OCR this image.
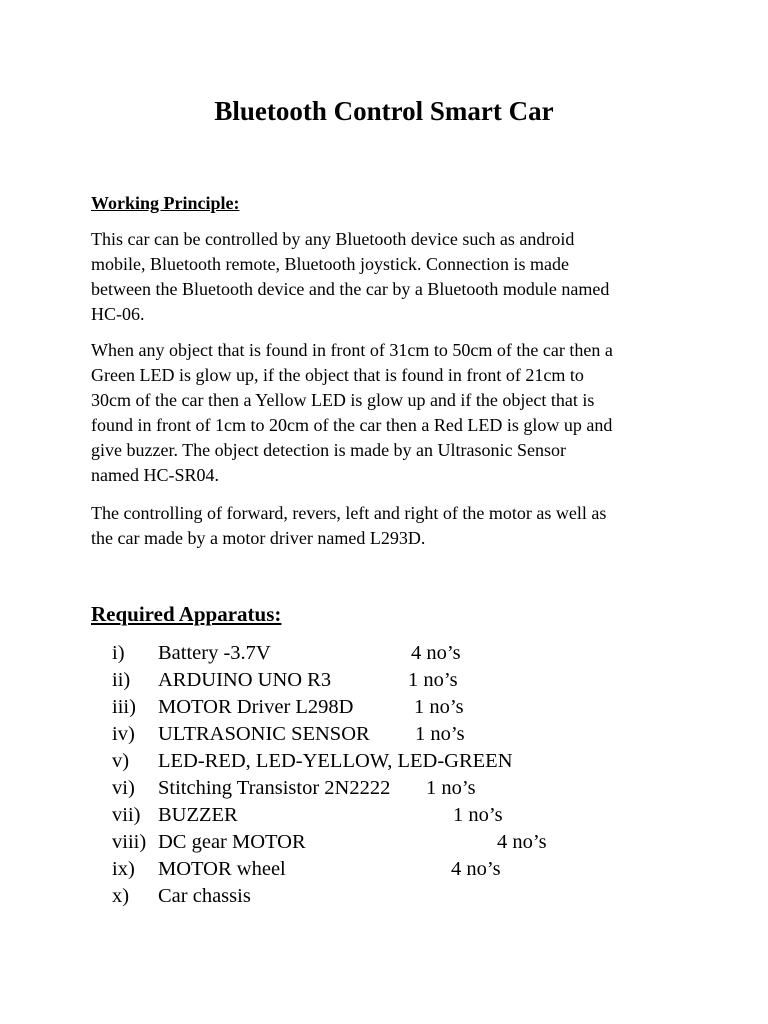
Bluetooth Control Smart Car
Working Principle:

This car can be controlled by any Bluetooth device such as android
mobile, Bluetooth remote, Bluetooth joystick. Connection is made
between the Bluetooth device and the car by a Bluetooth module named
HC-06.

When any object that is found in front of 31cm to 50cm of the car then a
Green LED is glow up, if the object that is found in front of 21cm to
30cm of the car then a Yellow LED is glow up and if the object that is
found in front of 1cm to 20cm of the car then a Red LED is glow up and
give buzzer. The object detection is made by an Ultrasonic Sensor
named HC-SR04.

The controlling of forward, revers, left and right of the motor as well as
the car made by a motor driver named L293D.

Required Apparatus:
i) Battery -3.7V	4 no’s
ii) ARDUINO UNO R3	1 no’s
iii) MOTOR Driver L298D	1 no’s
iv) ULTRASONIC SENSOR 1 no’s
v) LED-RED, LED-YELLOW, LED-GREEN
vi) Stitching Transistor 2N2222 1 no’s
vii) BUZZER	1 no’s
viii) DC gear MOTOR	4 no’s
ix) MOTOR wheel	4 no’s
x) Car chassis
